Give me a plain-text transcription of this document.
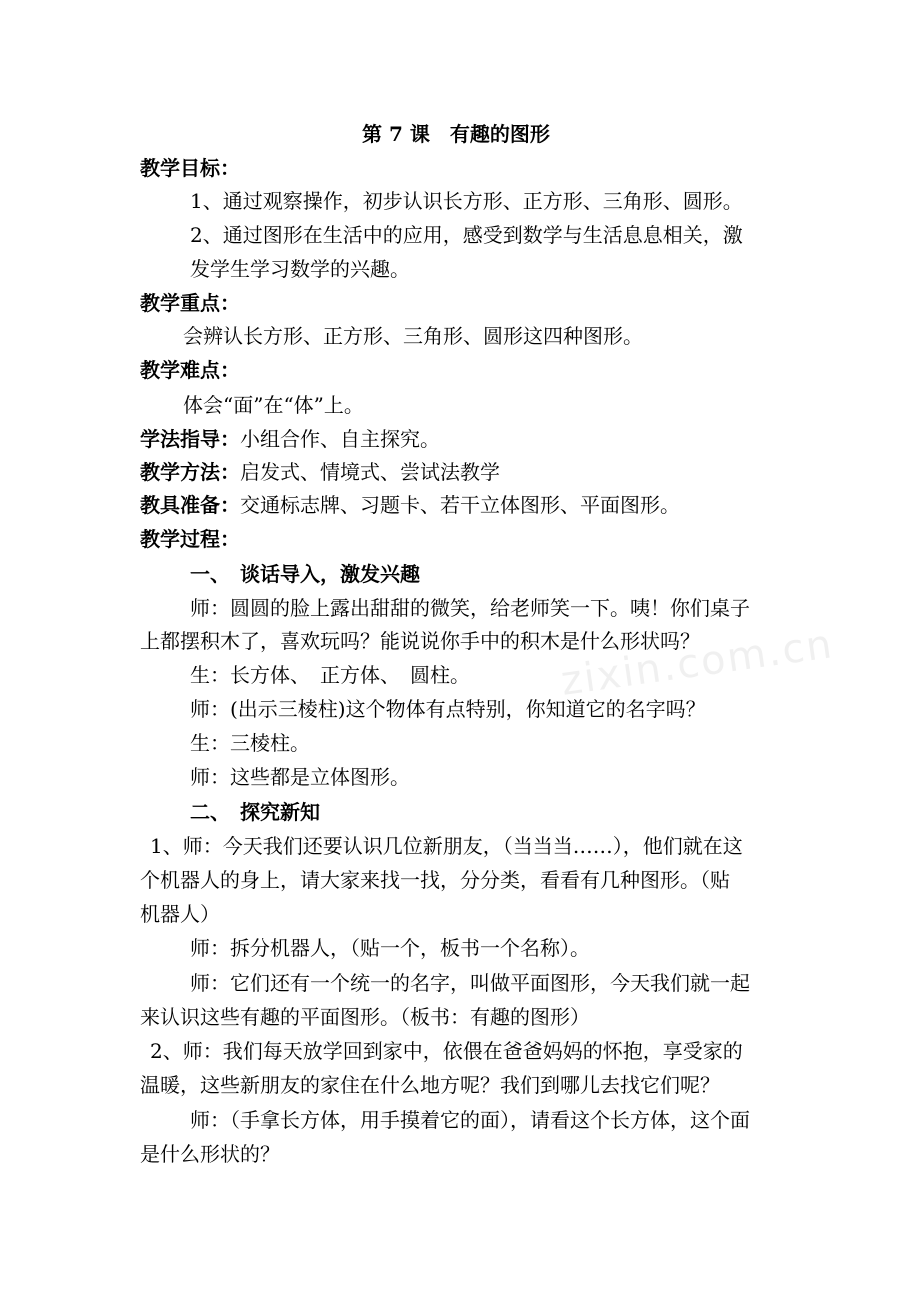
第 7 课　有趣的图形
教学目标：
1、通过观察操作，初步认识长方形、正方形、三角形、圆形。
2、通过图形在生活中的应用，感受到数学与生活息息相关，激
发学生学习数学的兴趣。
教学重点：
会辨认长方形、正方形、三角形、圆形这四种图形。
教学难点：
体会“面”在“体”上。
学法指导：小组合作、自主探究。
教学方法：启发式、情境式、尝试法教学
教具准备：交通标志牌、习题卡、若干立体图形、平面图形。
教学过程：
一、　谈话导入，激发兴趣
师：圆圆的脸上露出甜甜的微笑，给老师笑一下。咦！你们桌子
上都摆积木了，喜欢玩吗？能说说你手中的积木是什么形状吗？
生：长方体、　正方体、　圆柱。
师：(出示三棱柱)这个物体有点特别，你知道它的名字吗？
生：三棱柱。
师：这些都是立体图形。
二、　探究新知
1、师：今天我们还要认识几位新朋友，（当当当……），他们就在这
个机器人的身上，请大家来找一找，分分类，看看有几种图形。（贴
机器人）
师：拆分机器人，（贴一个，板书一个名称）。
师：它们还有一个统一的名字，叫做平面图形，今天我们就一起
来认识这些有趣的平面图形。（板书：有趣的图形）
2、师：我们每天放学回到家中，依偎在爸爸妈妈的怀抱，享受家的
温暖，这些新朋友的家住在什么地方呢？我们到哪儿去找它们呢？
师：（手拿长方体，用手摸着它的面），请看这个长方体，这个面
是什么形状的？
zixin.com.cn
